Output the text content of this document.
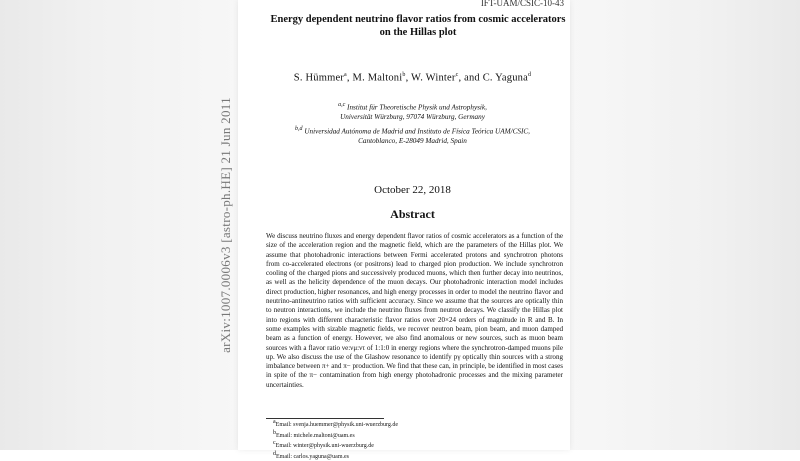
IFT-UAM/CSIC-10-43
arXiv:1007.0006v3 [astro-ph.HE] 21 Jun 2011
Energy dependent neutrino flavor ratios from cosmic accelerators
on the Hillas plot
S. Hümmer$^a$, M. Maltoni$^b$, W. Winter$^c$, and C. Yaguna$^d$
$^{a,c}$ Institut für Theoretische Physik und Astrophysik,
Universität Würzburg, 97074 Würzburg, Germany
$^{b,d}$ Universidad Autónoma de Madrid and Instituto de Física Teórica UAM/CSIC,
Cantoblanco, E-28049 Madrid, Spain
October 22, 2018
Abstract
We discuss neutrino fluxes and energy dependent flavor ratios of cosmic accelerators as a function of the size of the acceleration region and the magnetic field, which are the parameters of the Hillas plot. We assume that photohadronic interactions between Fermi accelerated protons and synchrotron photons from co-accelerated electrons (or positrons) lead to charged pion production. We include synchrotron cooling of the charged pions and successively produced muons, which then further decay into neutrinos, as well as the helicity dependence of the muon decays. Our photohadronic interaction model includes direct production, higher resonances, and high energy processes in order to model the neutrino flavor and neutrino-antineutrino ratios with sufficient accuracy. Since we assume that the sources are optically thin to neutron interactions, we include the neutrino fluxes from neutron decays. We classify the Hillas plot into regions with different characteristic flavor ratios over 20×24 orders of magnitude in R and B. In some examples with sizable magnetic fields, we recover neutron beam, pion beam, and muon damped beam as a function of energy. However, we also find anomalous or new sources, such as muon beam sources with a flavor ratio νe:νμ:ντ of 1:1:0 in energy regions where the synchrotron-damped muons pile up. We also discuss the use of the Glashow resonance to identify pγ optically thin sources with a strong imbalance between π+ and π− production. We find that these can, in principle, be identified in most cases in spite of the π− contamination from high energy photohadronic processes and the mixing parameter uncertainties.
aEmail: svenja.huemmer@physik.uni-wuerzburg.de
bEmail: michele.maltoni@uam.es
cEmail: winter@physik.uni-wuerzburg.de
dEmail: carlos.yaguna@uam.es
